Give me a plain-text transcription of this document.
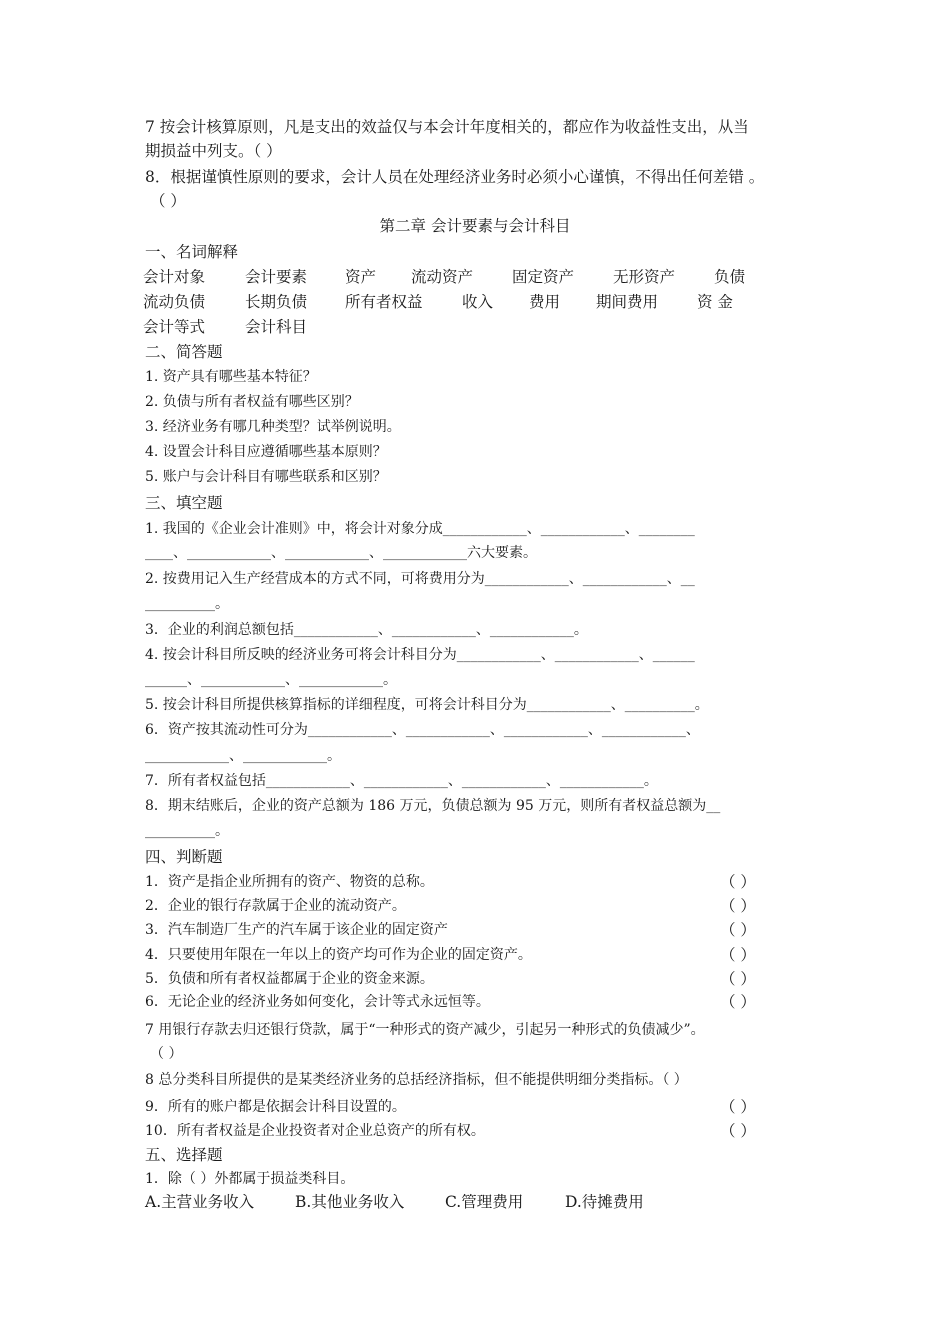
7 按会计核算原则，凡是支出的效益仅与本会计年度相关的，都应作为收益性支出，从当
期损益中列支。（ ）
8．根据谨慎性原则的要求，会计人员在处理经济业务时必须小心谨慎，不得出任何差错 。
（ ）
第二章 会计要素与会计科目
一、名词解释
会计对象	会计要素	资产	流动资产	固定资产	无形资产	负债
流动负债	长期负债	所有者权益	收入	费用	期间费用	资 金
会计等式	会计科目
二、简答题
1. 资产具有哪些基本特征？
2. 负债与所有者权益有哪些区别？
3. 经济业务有哪几种类型？试举例说明。
4. 设置会计科目应遵循哪些基本原则？
5. 账户与会计科目有哪些联系和区别？
三、填空题
1. 我国的《企业会计准则》中，将会计对象分成____________、____________、________
____、____________、____________、____________六大要素。
2. 按费用记入生产经营成本的方式不同，可将费用分为____________、____________、__
__________。
3．企业的利润总额包括____________、____________、____________。
4. 按会计科目所反映的经济业务可将会计科目分为____________、____________、______
______、____________、____________。
5. 按会计科目所提供核算指标的详细程度，可将会计科目分为____________、__________。
6．资产按其流动性可分为____________、____________、____________、____________、
____________、____________。
7．所有者权益包括____________、____________、____________、____________。
8．期末结账后，企业的资产总额为 186 万元，负债总额为 95 万元，则所有者权益总额为__
__________。
四、判断题
1．资产是指企业所拥有的资产、物资的总称。	（ ）
2．企业的银行存款属于企业的流动资产。	（ ）
3．汽车制造厂生产的汽车属于该企业的固定资产	（ ）
4．只要使用年限在一年以上的资产均可作为企业的固定资产。	（ ）
5．负债和所有者权益都属于企业的资金来源。	（ ）
6．无论企业的经济业务如何变化，会计等式永远恒等。	（ ）
7 用银行存款去归还银行贷款，属于“一种形式的资产减少，引起另一种形式的负债减少”。
（ ）
8 总分类科目所提供的是某类经济业务的总括经济指标，但不能提供明细分类指标。（ ）
9．所有的账户都是依据会计科目设置的。	（ ）
10．所有者权益是企业投资者对企业总资产的所有权。	（ ）
五、选择题
1．除（ ）外都属于损益类科目。
A.主营业务收入	B.其他业务收入	C.管理费用	D.待摊费用
